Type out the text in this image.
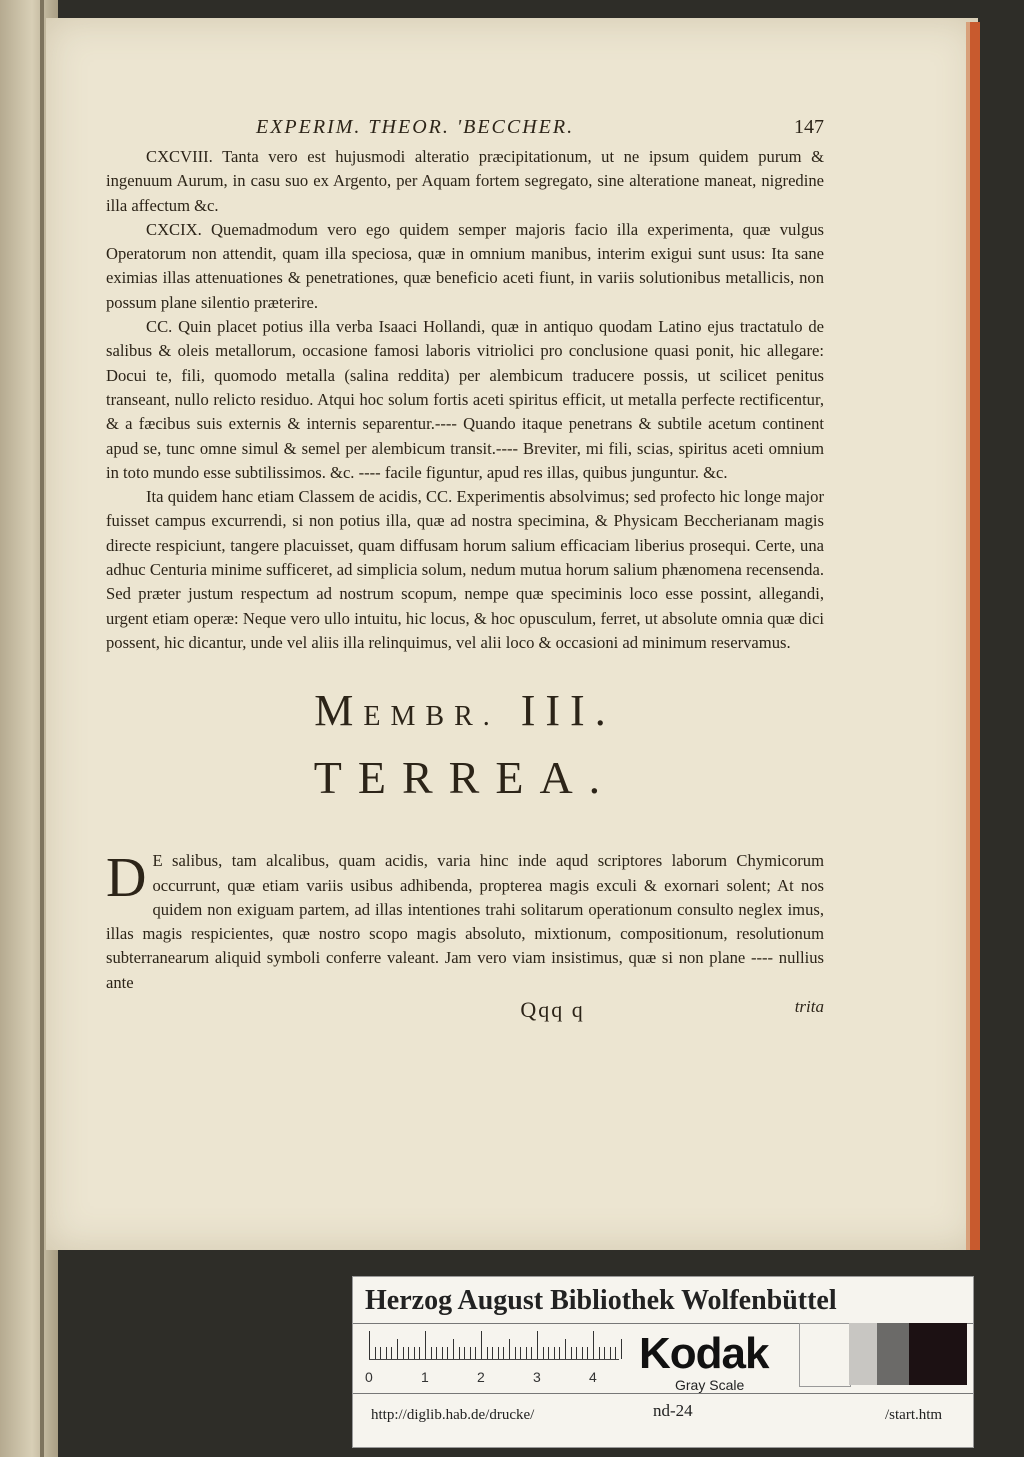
EXPERIM. THEOR. 'BECCHER.	147

CXCVIII. Tanta vero est hujusmodi alteratio præcipitationum, ut ne ipsum quidem purum & ingenuum Aurum, in casu suo ex Argento, per Aquam fortem segregato, sine alteratione maneat, nigredine illa affectum &c.

CXCIX. Quemadmodum vero ego quidem semper majoris facio illa experimenta, quæ vulgus Operatorum non attendit, quam illa speciosa, quæ in omnium manibus, interim exigui sunt usus: Ita sane eximias illas attenuationes & penetrationes, quæ beneficio aceti fiunt, in variis solutionibus metallicis, non possum plane silentio præterire.

CC. Quin placet potius illa verba Isaaci Hollandi, quæ in antiquo quodam Latino ejus tractatulo de salibus & oleis metallorum, occasione famosi laboris vitriolici pro conclusione quasi ponit, hic allegare: Docui te, fili, quomodo metalla (salina reddita) per alembicum traducere possis, ut scilicet penitus transeant, nullo relicto residuo. Atqui hoc solum fortis aceti spiritus efficit, ut metalla perfecte rectificentur, & a fæcibus suis externis & internis separentur.---- Quando itaque penetrans & subtile acetum continent apud se, tunc omne simul & semel per alembicum transit.---- Breviter, mi fili, scias, spiritus aceti omnium in toto mundo esse subtilissimos. &c. ---- facile figuntur, apud res illas, quibus junguntur. &c.

Ita quidem hanc etiam Classem de acidis, CC. Experimentis absolvimus; sed profecto hic longe major fuisset campus excurrendi, si non potius illa, quæ ad nostra specimina, & Physicam Beccherianam magis directe respiciunt, tangere placuisset, quam diffusam horum salium efficaciam liberius prosequi. Certe, una adhuc Centuria minime sufficeret, ad simplicia solum, nedum mutua horum salium phænomena recensenda. Sed præter justum respectum ad nostrum scopum, nempe quæ speciminis loco esse possint, allegandi, urgent etiam operæ: Neque vero ullo intuitu, hic locus, & hoc opusculum, ferret, ut absolute omnia quæ dici possent, hic dicantur, unde vel aliis illa relinquimus, vel alii loco & occasioni ad minimum reservamus.

MEMBR. III.
TERREA.
D E salibus, tam alcalibus, quam acidis, varia hinc inde aqud scriptores laborum Chymicorum occurrunt, quæ etiam variis usibus adhibenda, propterea magis exculi & exornari solent; At nos quidem non exiguam partem, ad illas intentiones trahi solitarum operationum consulto neglex imus, illas magis respicientes, quæ nostro scopo magis absoluto, mixtionum, compositionum, resolutionum subterranearum aliquid symboli conferre valeant. Jam vero viam insistimus, quæ si non plane ---- nullius ante
Qqq q	trita
Herzog August Bibliothek Wolfenbüttel
0	1	2	3	4 Kodak
Gray Scale
http://diglib.hab.de/drucke/	nd-24	/start.htm
